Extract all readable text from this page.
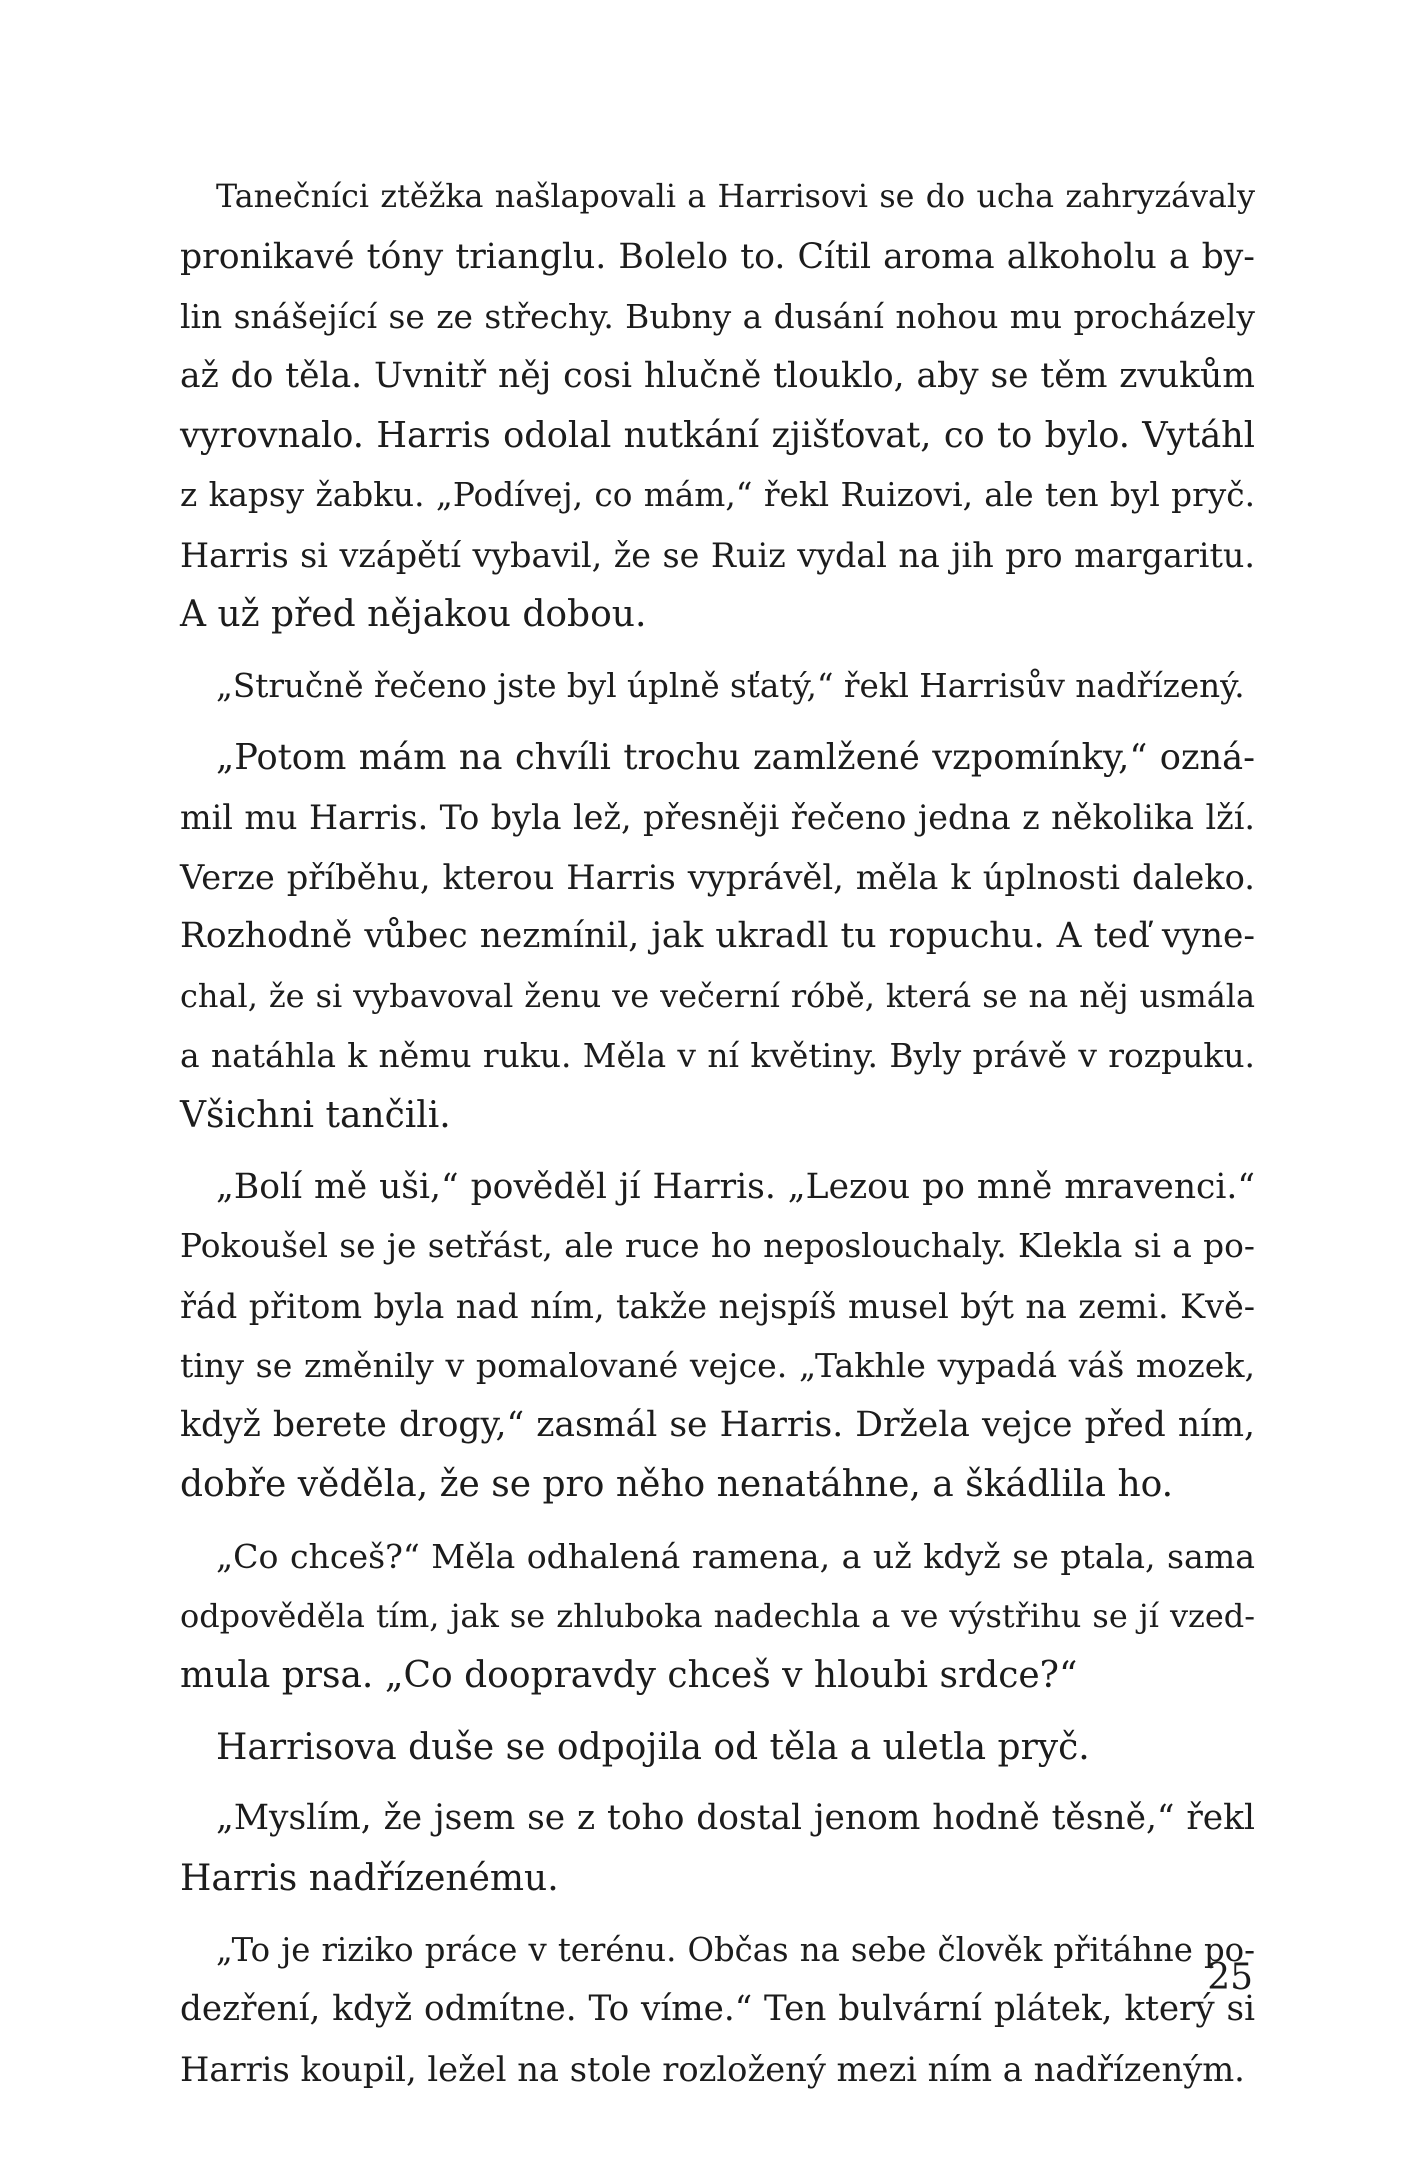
Tanečníci ztěžka našlapovali a Harrisovi se do ucha zahryzávaly
pronikavé tóny trianglu. Bolelo to. Cítil aroma alkoholu a by-
lin snášející se ze střechy. Bubny a dusání nohou mu procházely
až do těla. Uvnitř něj cosi hlučně tlouklo, aby se těm zvukům
vyrovnalo. Harris odolal nutkání zjišťovat, co to bylo. Vytáhl
z kapsy žabku. „Podívej, co mám,“ řekl Ruizovi, ale ten byl pryč.
Harris si vzápětí vybavil, že se Ruiz vydal na jih pro margaritu.
A už před nějakou dobou.
„Stručně řečeno jste byl úplně sťatý,“ řekl Harrisův nadřízený.
„Potom mám na chvíli trochu zamlžené vzpomínky,“ ozná-
mil mu Harris. To byla lež, přesněji řečeno jedna z několika lží.
Verze příběhu, kterou Harris vyprávěl, měla k úplnosti daleko.
Rozhodně vůbec nezmínil, jak ukradl tu ropuchu. A teď vyne-
chal, že si vybavoval ženu ve večerní róbě, která se na něj usmála
a natáhla k němu ruku. Měla v ní květiny. Byly právě v rozpuku.
Všichni tančili.
„Bolí mě uši,“ pověděl jí Harris. „Lezou po mně mravenci.“
Pokoušel se je setřást, ale ruce ho neposlouchaly. Klekla si a po-
řád přitom byla nad ním, takže nejspíš musel být na zemi. Kvě-
tiny se změnily v pomalované vejce. „Takhle vypadá váš mozek,
když berete drogy,“ zasmál se Harris. Držela vejce před ním,
dobře věděla, že se pro něho nenatáhne, a škádlila ho.
„Co chceš?“ Měla odhalená ramena, a už když se ptala, sama
odpověděla tím, jak se zhluboka nadechla a ve výstřihu se jí vzed-
mula prsa. „Co doopravdy chceš v hloubi srdce?“
Harrisova duše se odpojila od těla a uletla pryč.
„Myslím, že jsem se z toho dostal jenom hodně těsně,“ řekl
Harris nadřízenému.
„To je riziko práce v terénu. Občas na sebe člověk přitáhne po-
dezření, když odmítne. To víme.“ Ten bulvární plátek, který si
Harris koupil, ležel na stole rozložený mezi ním a nadřízeným.
25
